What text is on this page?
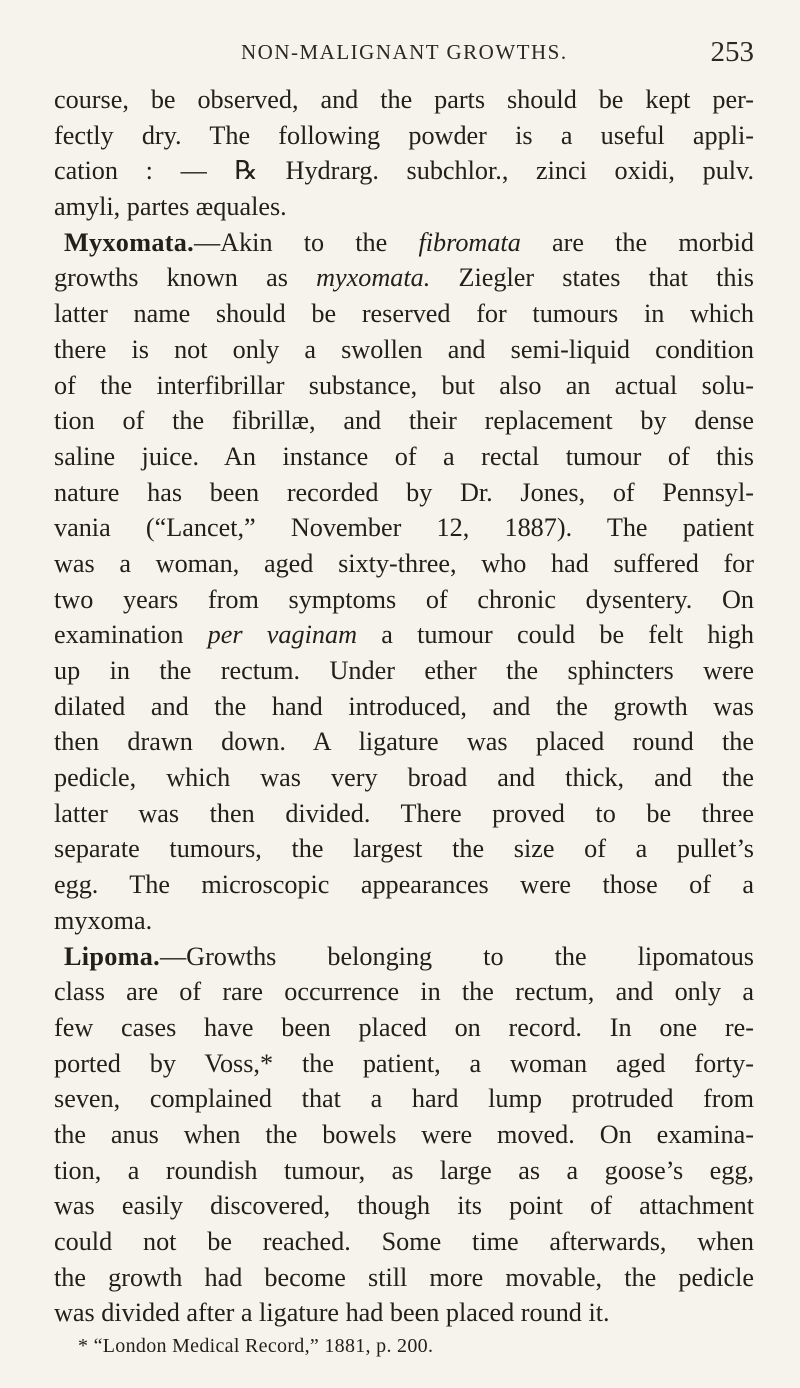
NON-MALIGNANT GROWTHS.	253
course, be observed, and the parts should be kept per-
fectly dry. The following powder is a useful appli-
cation : — ℞ Hydrarg. subchlor., zinci oxidi, pulv.
amyli, partes æquales.
Myxomata.—Akin to the fibromata are the morbid
growths known as myxomata. Ziegler states that this
latter name should be reserved for tumours in which
there is not only a swollen and semi-liquid condition
of the interfibrillar substance, but also an actual solu-
tion of the fibrillæ, and their replacement by dense
saline juice. An instance of a rectal tumour of this
nature has been recorded by Dr. Jones, of Pennsyl-
vania (“Lancet,” November 12, 1887). The patient
was a woman, aged sixty-three, who had suffered for
two years from symptoms of chronic dysentery. On
examination per vaginam a tumour could be felt high
up in the rectum. Under ether the sphincters were
dilated and the hand introduced, and the growth was
then drawn down. A ligature was placed round the
pedicle, which was very broad and thick, and the
latter was then divided. There proved to be three
separate tumours, the largest the size of a pullet’s
egg. The microscopic appearances were those of a
myxoma.
Lipoma.—Growths belonging to the lipomatous
class are of rare occurrence in the rectum, and only a
few cases have been placed on record. In one re-
ported by Voss,* the patient, a woman aged forty-
seven, complained that a hard lump protruded from
the anus when the bowels were moved. On examina-
tion, a roundish tumour, as large as a goose’s egg,
was easily discovered, though its point of attachment
could not be reached. Some time afterwards, when
the growth had become still more movable, the pedicle
was divided after a ligature had been placed round it.
* “London Medical Record,” 1881, p. 200.
